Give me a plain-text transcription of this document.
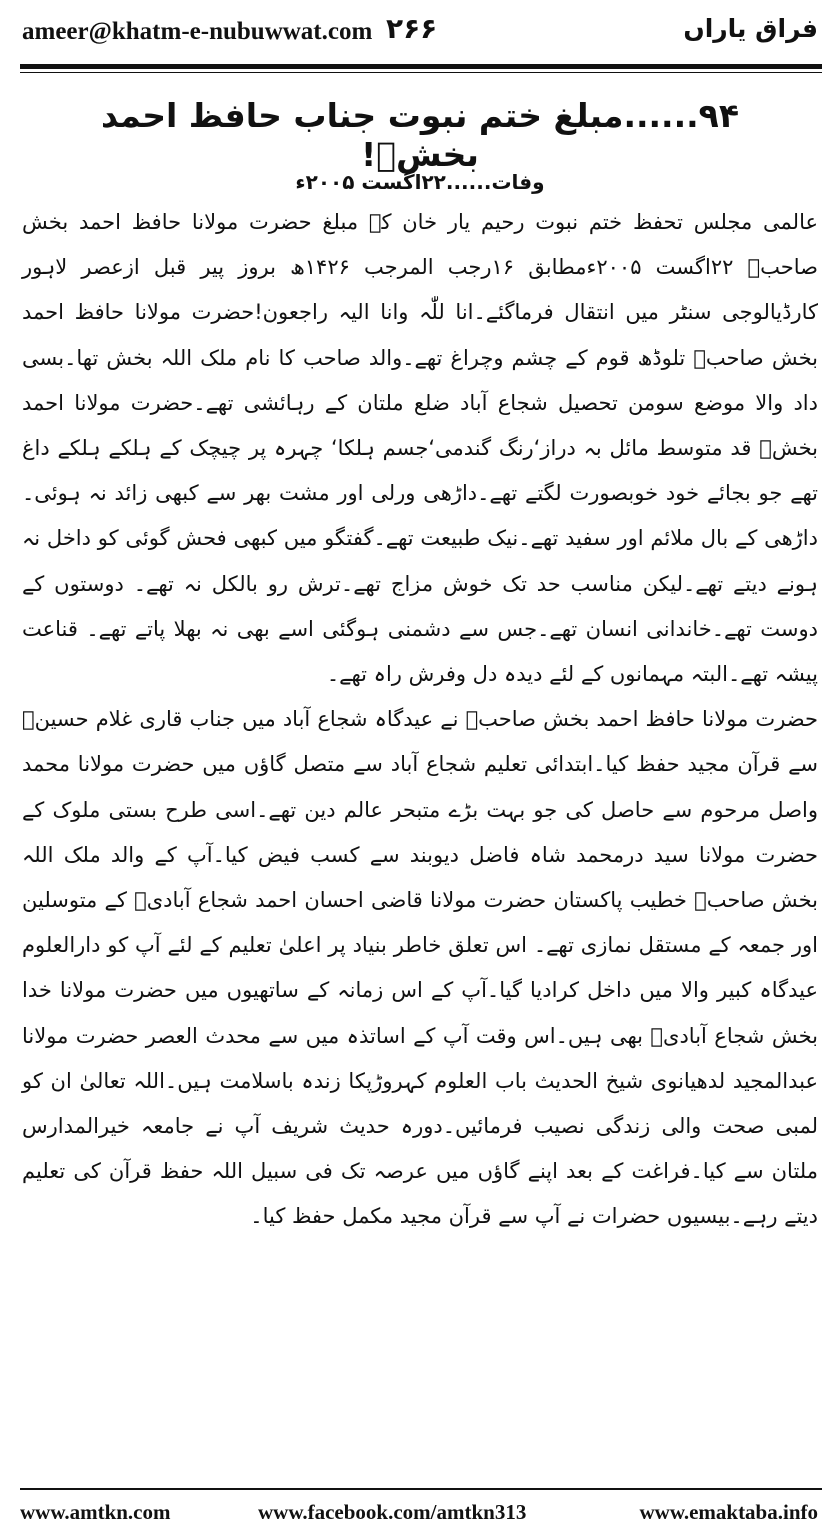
ameer@khatm-e-nubuwwat.com ۲۶۶	فراق یاراں
۹۴......مبلغ ختم نبوت جناب حافظ احمد بخشؒ!
وفات......۲۲اگست ۲۰۰۵ء

عالمی مجلس تحفظ ختم نبوت رحیم یار خان کے مبلغ حضرت مولانا حافظ احمد بخش صاحبؒ ۲۲اگست ۲۰۰۵ءمطابق ۱۶رجب المرجب ۱۴۲۶ھ بروز پیر قبل ازعصر لاہور کارڈیالوجی سنٹر میں انتقال فرماگئے۔انا للّٰہ وانا الیہ راجعون!حضرت مولانا حافظ احمد بخش صاحبؒ تلوڈھ قوم کے چشم وچراغ تھے۔والد صاحب کا نام ملک اللہ بخش تھا۔بسی داد والا موضع سومن تحصیل شجاع آباد ضلع ملتان کے رہائشی تھے۔حضرت مولانا احمد بخشؒ قد متوسط مائل بہ دراز‘رنگ گندمی‘جسم ہلکا‘ چہرہ پر چیچک کے ہلکے ہلکے داغ تھے جو بجائے خود خوبصورت لگتے تھے۔داڑھی ورلی اور مشت بھر سے کبھی زائد نہ ہوئی۔داڑھی کے بال ملائم اور سفید تھے۔نیک طبیعت تھے۔گفتگو میں کبھی فحش گوئی کو داخل نہ ہونے دیتے تھے۔لیکن مناسب حد تک خوش مزاج تھے۔ترش رو بالکل نہ تھے۔ دوستوں کے دوست تھے۔خاندانی انسان تھے۔جس سے دشمنی ہوگئی اسے بھی نہ بھلا پاتے تھے۔ قناعت پیشہ تھے۔البتہ مہمانوں کے لئے دیدہ دل وفرش راہ تھے۔

حضرت مولانا حافظ احمد بخش صاحبؒ نے عیدگاہ شجاع آباد میں جناب قاری غلام حسینؒ سے قرآن مجید حفظ کیا۔ابتدائی تعلیم شجاع آباد سے متصل گاؤں میں حضرت مولانا محمد واصل مرحوم سے حاصل کی جو بہت بڑے متبحر عالم دین تھے۔اسی طرح بستی ملوک کے حضرت مولانا سید درمحمد شاہ فاضل دیوبند سے کسب فیض کیا۔آپ کے والد ملک اللہ بخش صاحبؒ خطیب پاکستان حضرت مولانا قاضی احسان احمد شجاع آبادیؒ کے متوسلین اور جمعہ کے مستقل نمازی تھے۔ اس تعلق خاطر بنیاد پر اعلیٰ تعلیم کے لئے آپ کو دارالعلوم عیدگاہ کبیر والا میں داخل کرادیا گیا۔آپ کے اس زمانہ کے ساتھیوں میں حضرت مولانا خدا بخش شجاع آبادیؒ بھی ہیں۔اس وقت آپ کے اساتذہ میں سے محدث العصر حضرت مولانا عبدالمجید لدھیانوی شیخ الحدیث باب العلوم کہروڑپکا زندہ باسلامت ہیں۔اللہ تعالیٰ ان کو لمبی صحت والی زندگی نصیب فرمائیں۔دورہ حدیث شریف آپ نے جامعہ خیرالمدارس ملتان سے کیا۔فراغت کے بعد اپنے گاؤں میں عرصہ تک فی سبیل اللہ حفظ قرآن کی تعلیم دیتے رہے۔بیسیوں حضرات نے آپ سے قرآن مجید مکمل حفظ کیا۔

www.amtkn.com	www.facebook.com/amtkn313	www.emaktaba.info
